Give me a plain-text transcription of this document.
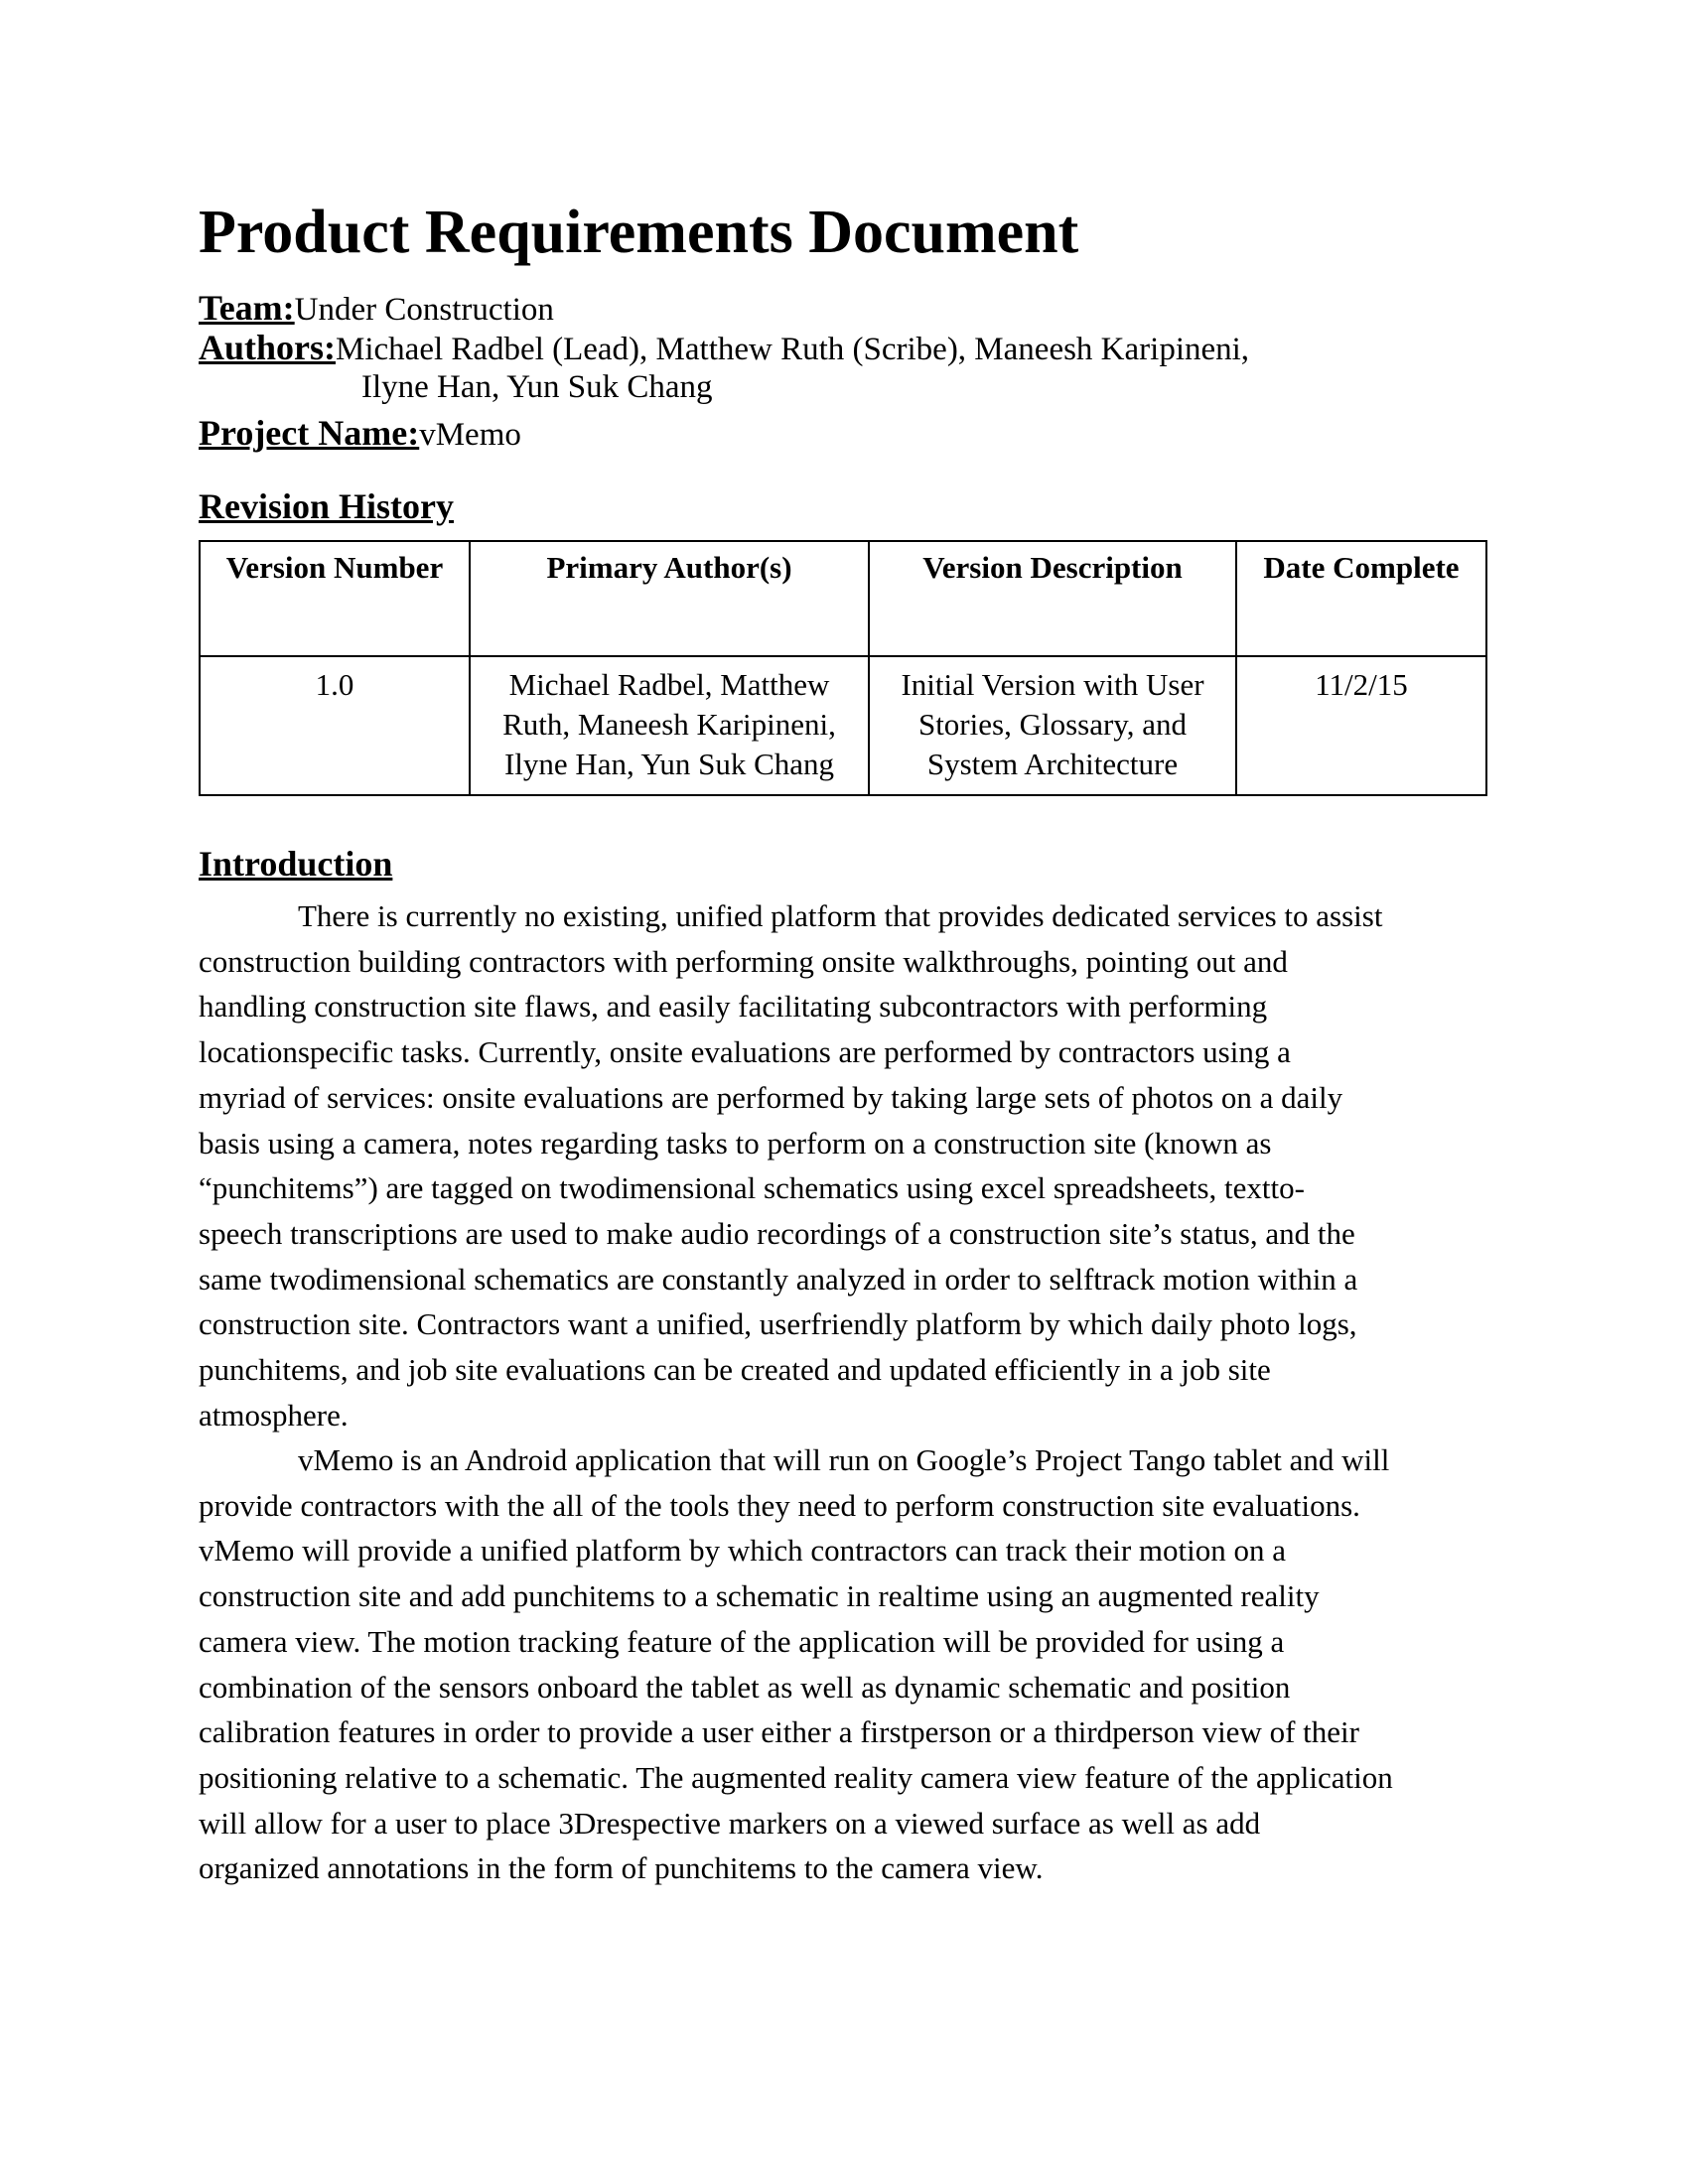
Product Requirements Document
Team:Under Construction
Authors:Michael Radbel (Lead), Matthew Ruth (Scribe), Maneesh Karipineni,
Ilyne Han, Yun Suk Chang
Project Name:vMemo
Revision History
Version Number	Primary Author(s)	Version Description	Date Complete
1.0	Michael Radbel, Matthew
Ruth, Maneesh Karipineni,
Ilyne Han, Yun Suk Chang	Initial Version with User
Stories, Glossary, and
System Architecture	11/2/15
Introduction
There is currently no existing, unified platform that provides dedicated services to assist
construction building contractors with performing onsite walkthroughs, pointing out and
handling construction site flaws, and easily facilitating subcontractors with performing
locationspecific tasks. Currently, onsite evaluations are performed by contractors using a
myriad of services: onsite evaluations are performed by taking large sets of photos on a daily
basis using a camera, notes regarding tasks to perform on a construction site (known as
“punchitems”) are tagged on twodimensional schematics using excel spreadsheets, textto-
speech transcriptions are used to make audio recordings of a construction site’s status, and the
same twodimensional schematics are constantly analyzed in order to selftrack motion within a
construction site. Contractors want a unified, userfriendly platform by which daily photo logs,
punchitems, and job site evaluations can be created and updated efficiently in a job site
atmosphere.
vMemo is an Android application that will run on Google’s Project Tango tablet and will
provide contractors with the all of the tools they need to perform construction site evaluations.
vMemo will provide a unified platform by which contractors can track their motion on a
construction site and add punchitems to a schematic in realtime using an augmented reality
camera view. The motion tracking feature of the application will be provided for using a
combination of the sensors onboard the tablet as well as dynamic schematic and position
calibration features in order to provide a user either a firstperson or a thirdperson view of their
positioning relative to a schematic. The augmented reality camera view feature of the application
will allow for a user to place 3Drespective markers on a viewed surface as well as add
organized annotations in the form of punchitems to the camera view.
